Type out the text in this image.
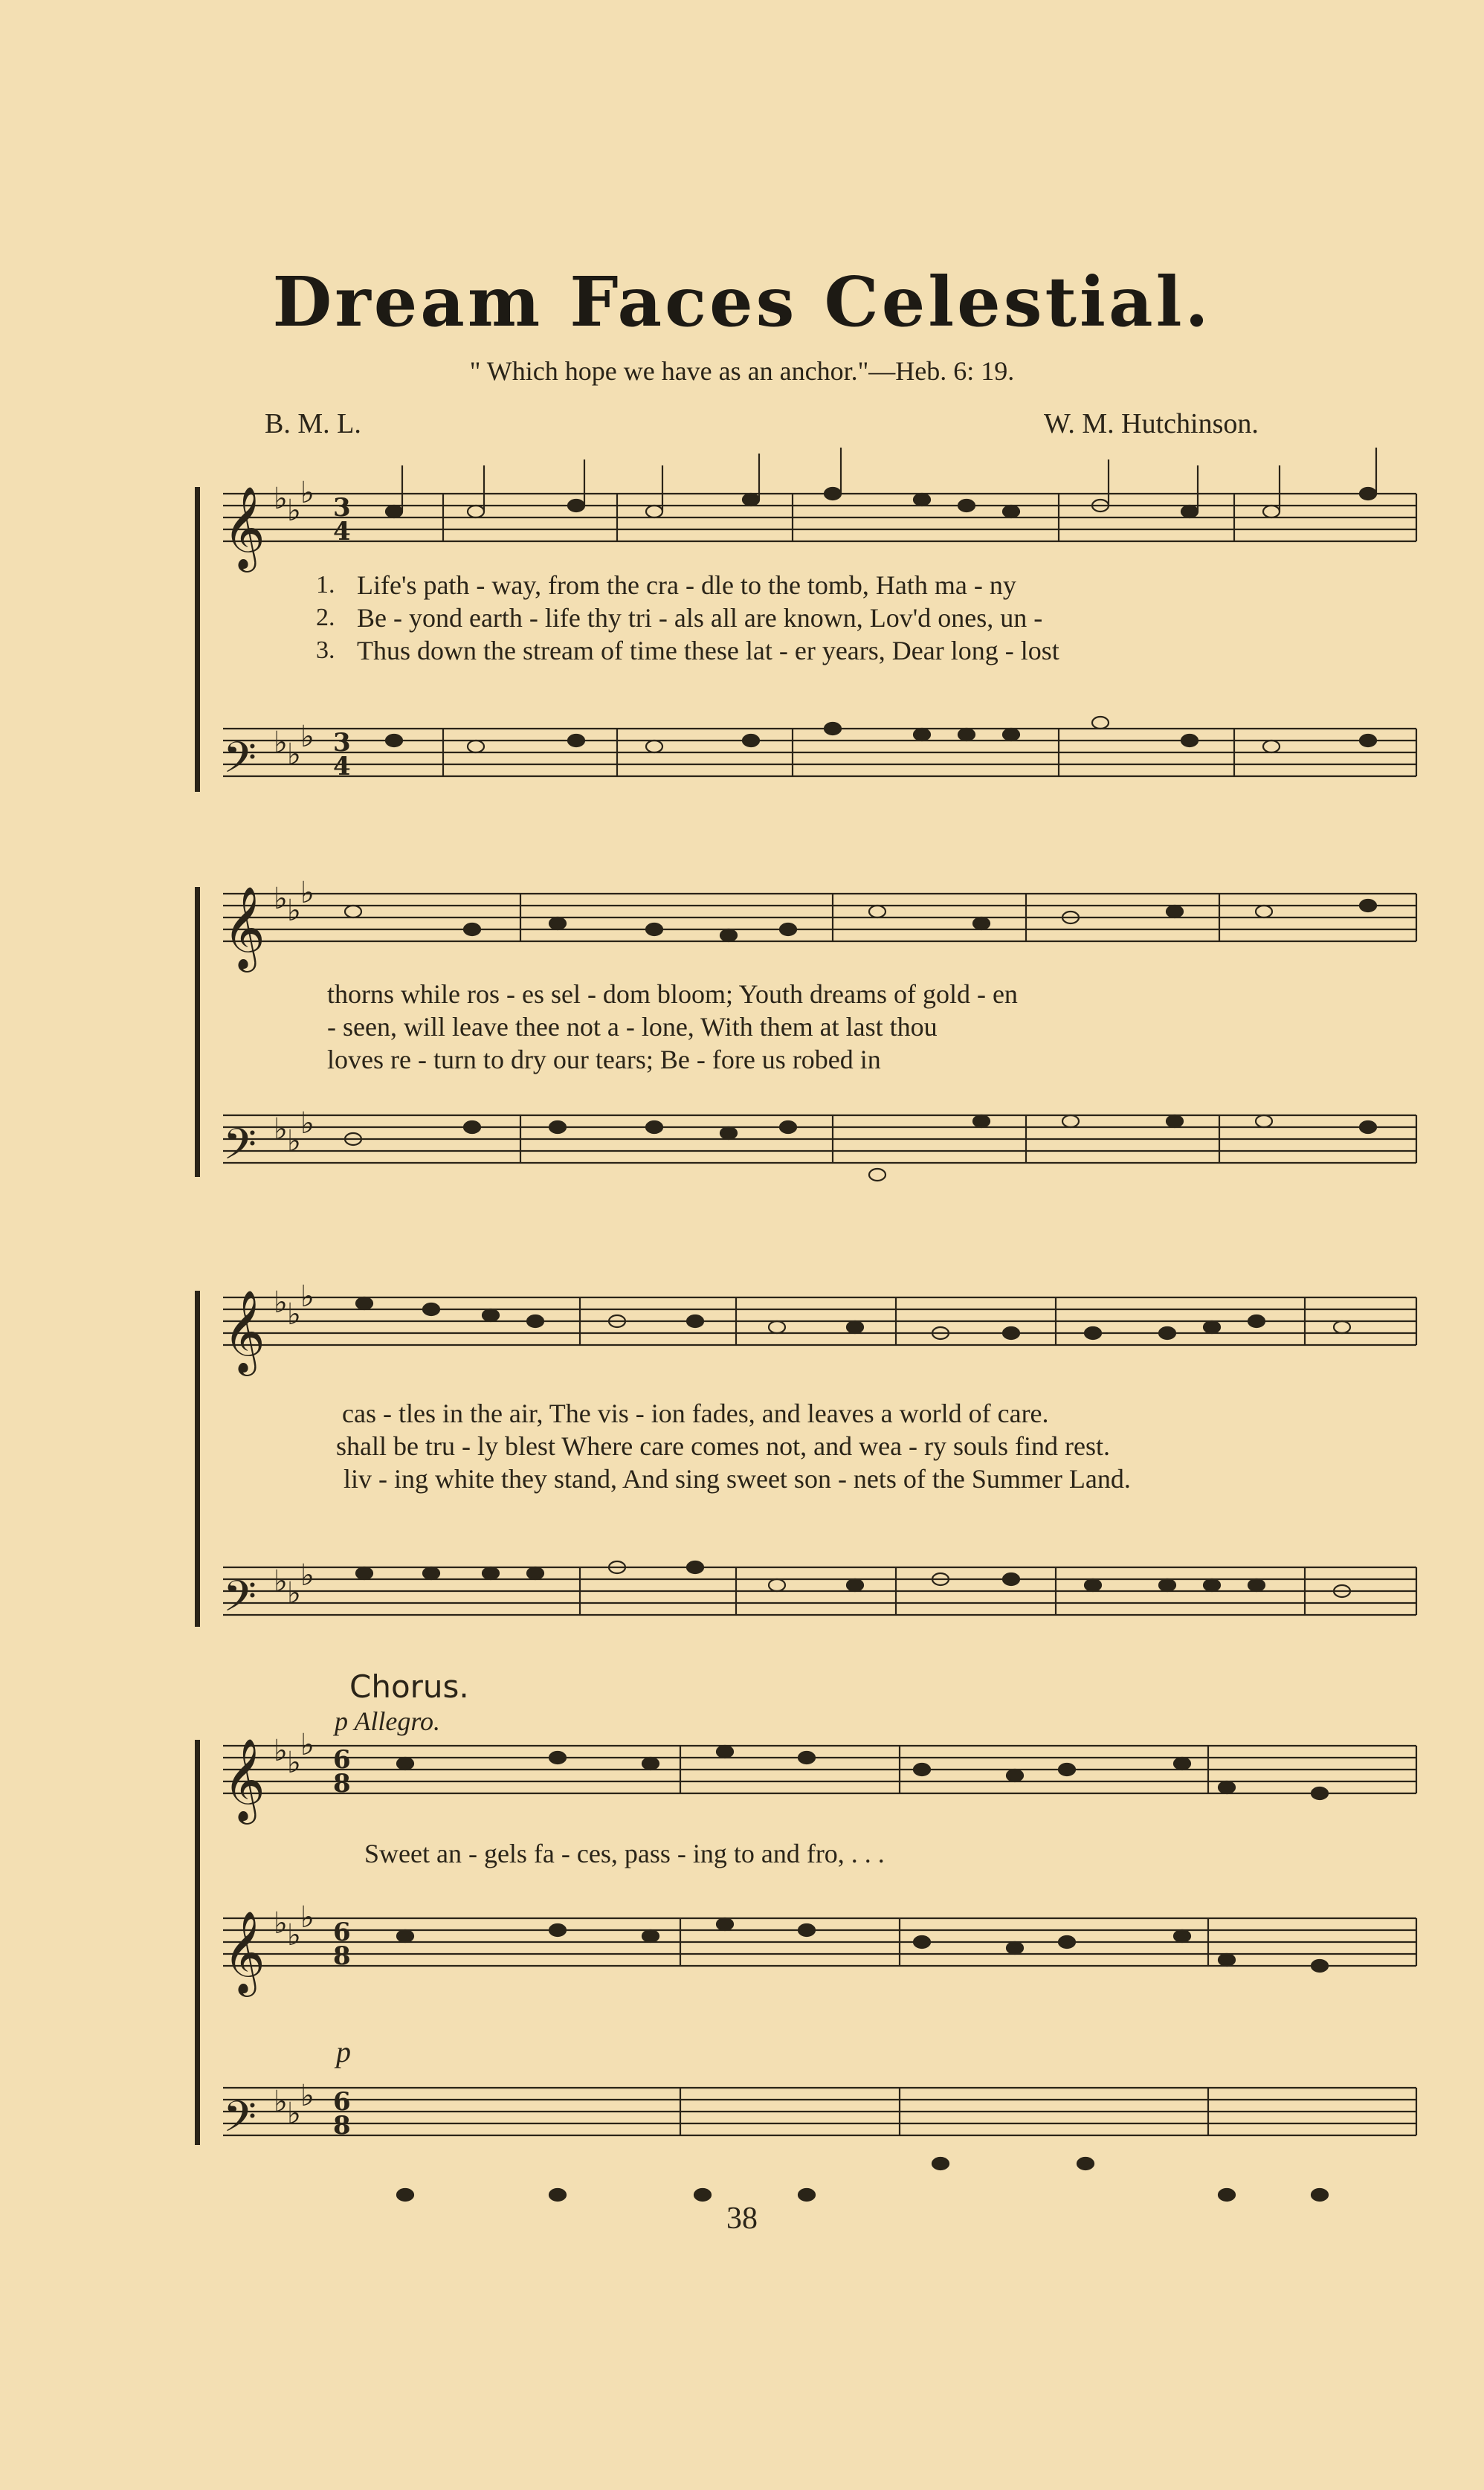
Dream Faces Celestial.
" Which hope we have as an anchor."—Heb. 6: 19.
B. M. L.	W. M. Hutchinson.
𝄞
𝄢
𝄞
𝄢
𝄞
𝄢
𝄞
𝄞
𝄢
♭ ♭
♭
♭ ♭
♭
♭ ♭
♭
♭ ♭
♭
♭ ♭
♭
♭ ♭
♭
♭ ♭
♭
♭ ♭
♭
♭ ♭
♭
3
4
3
4
6
8
6
8
6
8
1. Life's path - way, from the cra - dle to the tomb, Hath ma - ny
2. Be - yond earth - life thy tri - als all are known, Lov'd ones, un -
3. Thus down the stream of time these lat - er years, Dear long - lost
thorns while ros - es sel - dom bloom; Youth dreams of gold - en
- seen, will leave thee not a - lone, With them at last thou
loves re - turn to dry our tears; Be - fore us robed in
cas - tles in the air, The vis - ion fades, and leaves a world of care.
shall be tru - ly blest Where care comes not, and wea - ry souls find rest.
liv - ing white they stand, And sing sweet son - nets of the Summer Land.
Chorus.
p Allegro.
Sweet an - gels fa - ces, pass - ing to and fro, . . .
p
38
